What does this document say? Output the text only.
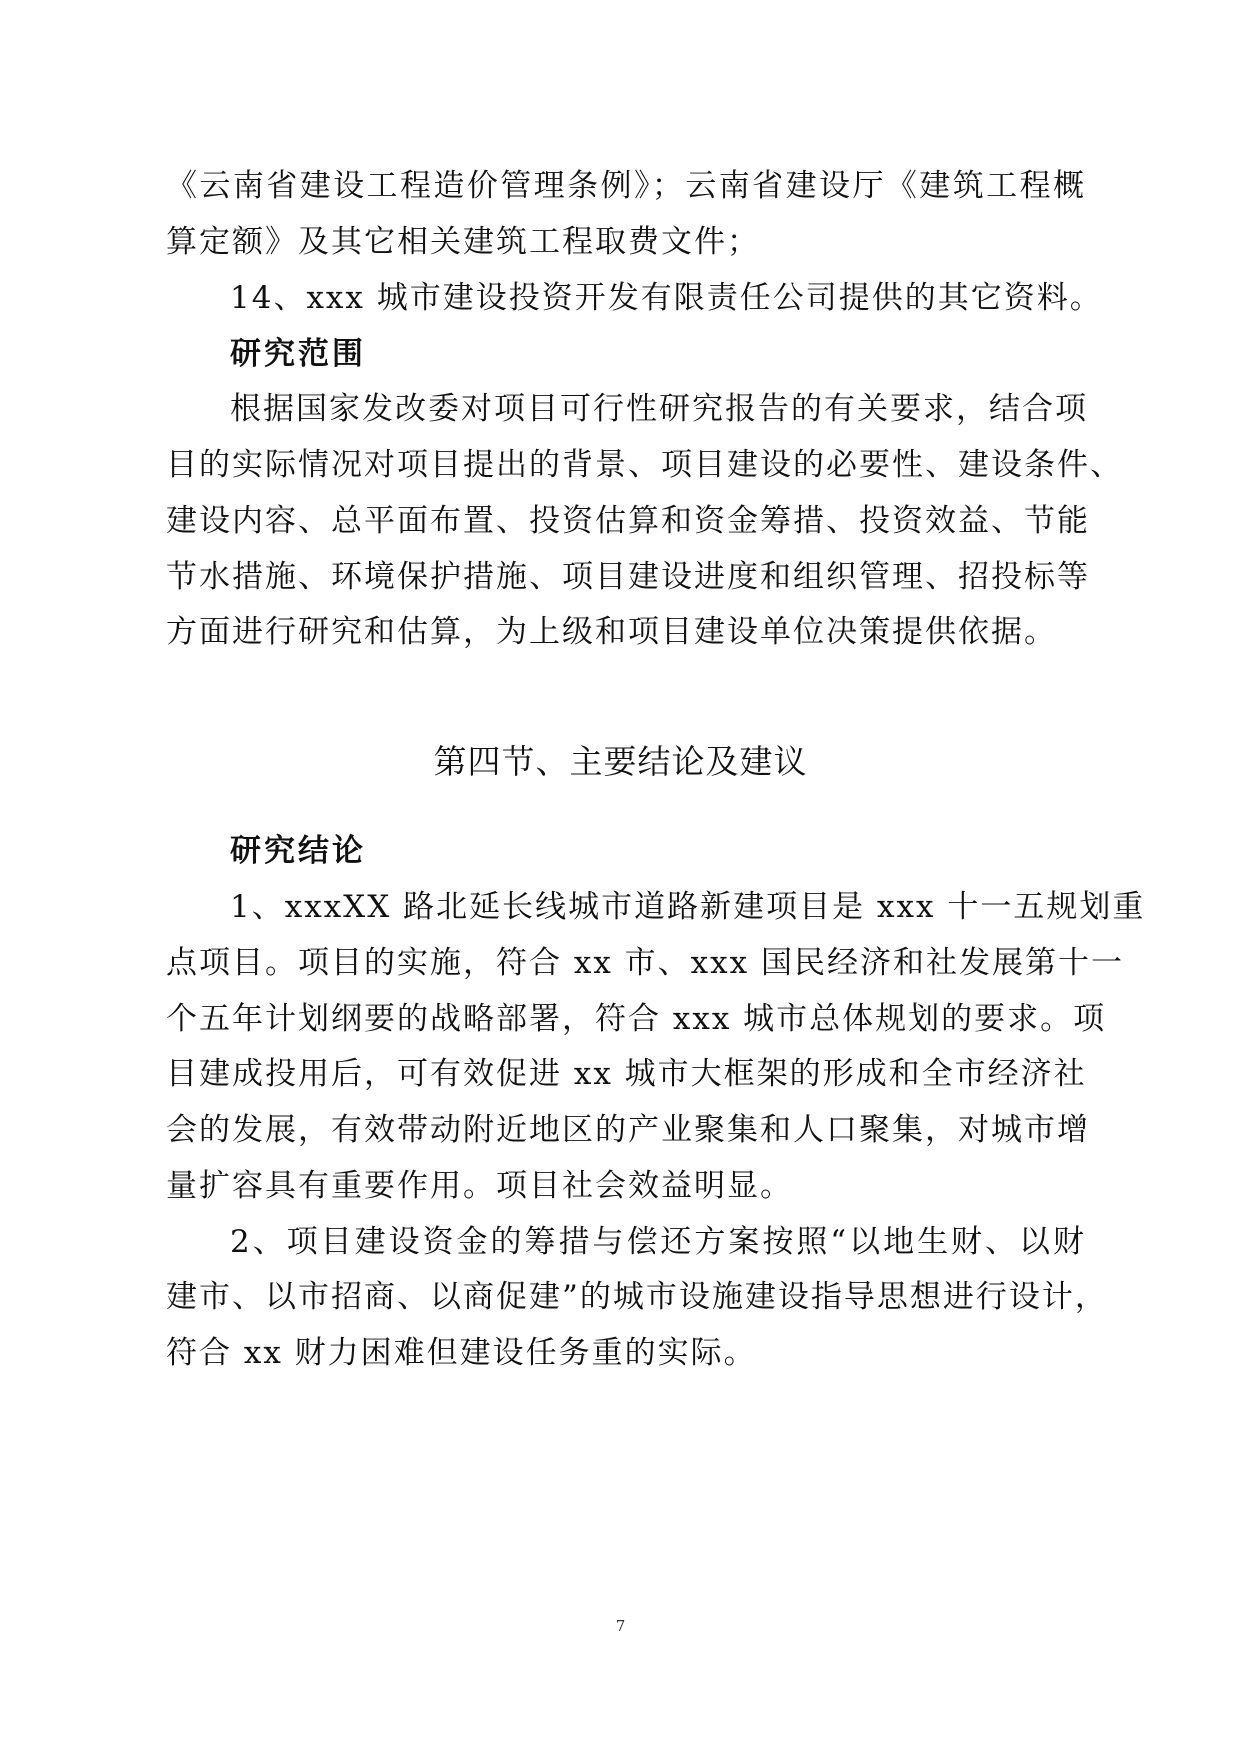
《云南省建设工程造价管理条例》；云南省建设厅《建筑工程概
算定额》及其它相关建筑工程取费文件；
14、xxx 城市建设投资开发有限责任公司提供的其它资料。
研究范围
根据国家发改委对项目可行性研究报告的有关要求，结合项
目的实际情况对项目提出的背景、项目建设的必要性、建设条件、
建设内容、总平面布置、投资估算和资金筹措、投资效益、节能
节水措施、环境保护措施、项目建设进度和组织管理、招投标等
方面进行研究和估算，为上级和项目建设单位决策提供依据。
第四节、主要结论及建议
研究结论
1、xxxXX 路北延长线城市道路新建项目是 xxx 十一五规划重
点项目。项目的实施，符合 xx 市、xxx 国民经济和社发展第十一
个五年计划纲要的战略部署，符合 xxx 城市总体规划的要求。项
目建成投用后，可有效促进 xx 城市大框架的形成和全市经济社
会的发展，有效带动附近地区的产业聚集和人口聚集，对城市增
量扩容具有重要作用。项目社会效益明显。
2、项目建设资金的筹措与偿还方案按照“以地生财、以财
建市、以市招商、以商促建”的城市设施建设指导思想进行设计，
符合 xx 财力困难但建设任务重的实际。
7
